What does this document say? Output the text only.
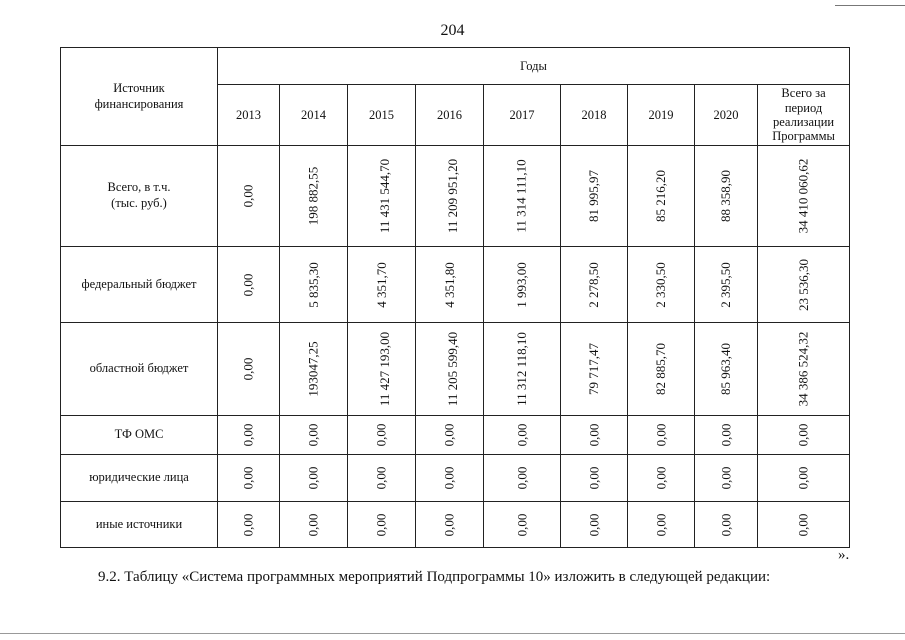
204
Источник финансирования	Годы								
	2013	2014	2015	2016	2017	2018	2019	2020	Всего за период реализации Программы
Всего, в т.ч. (тыс. руб.)	0,00	198 882,55	11 431 544,70	11 209 951,20	11 314 111,10	81 995,97	85 216,20	88 358,90	34 410 060,62
федеральный бюджет	0,00	5 835,30	4 351,70	4 351,80	1 993,00	2 278,50	2 330,50	2 395,50	23 536,30
областной бюджет	0,00	193047,25	11 427 193,00	11 205 599,40	11 312 118,10	79 717,47	82 885,70	85 963,40	34 386 524,32
ТФ ОМС	0,00	0,00	0,00	0,00	0,00	0,00	0,00	0,00	0,00
юридические лица	0,00	0,00	0,00	0,00	0,00	0,00	0,00	0,00	0,00
иные источники	0,00	0,00	0,00	0,00	0,00	0,00	0,00	0,00	0,00
».
9.2. Таблицу «Система программных мероприятий Подпрограммы 10» изложить в следующей редакции:
